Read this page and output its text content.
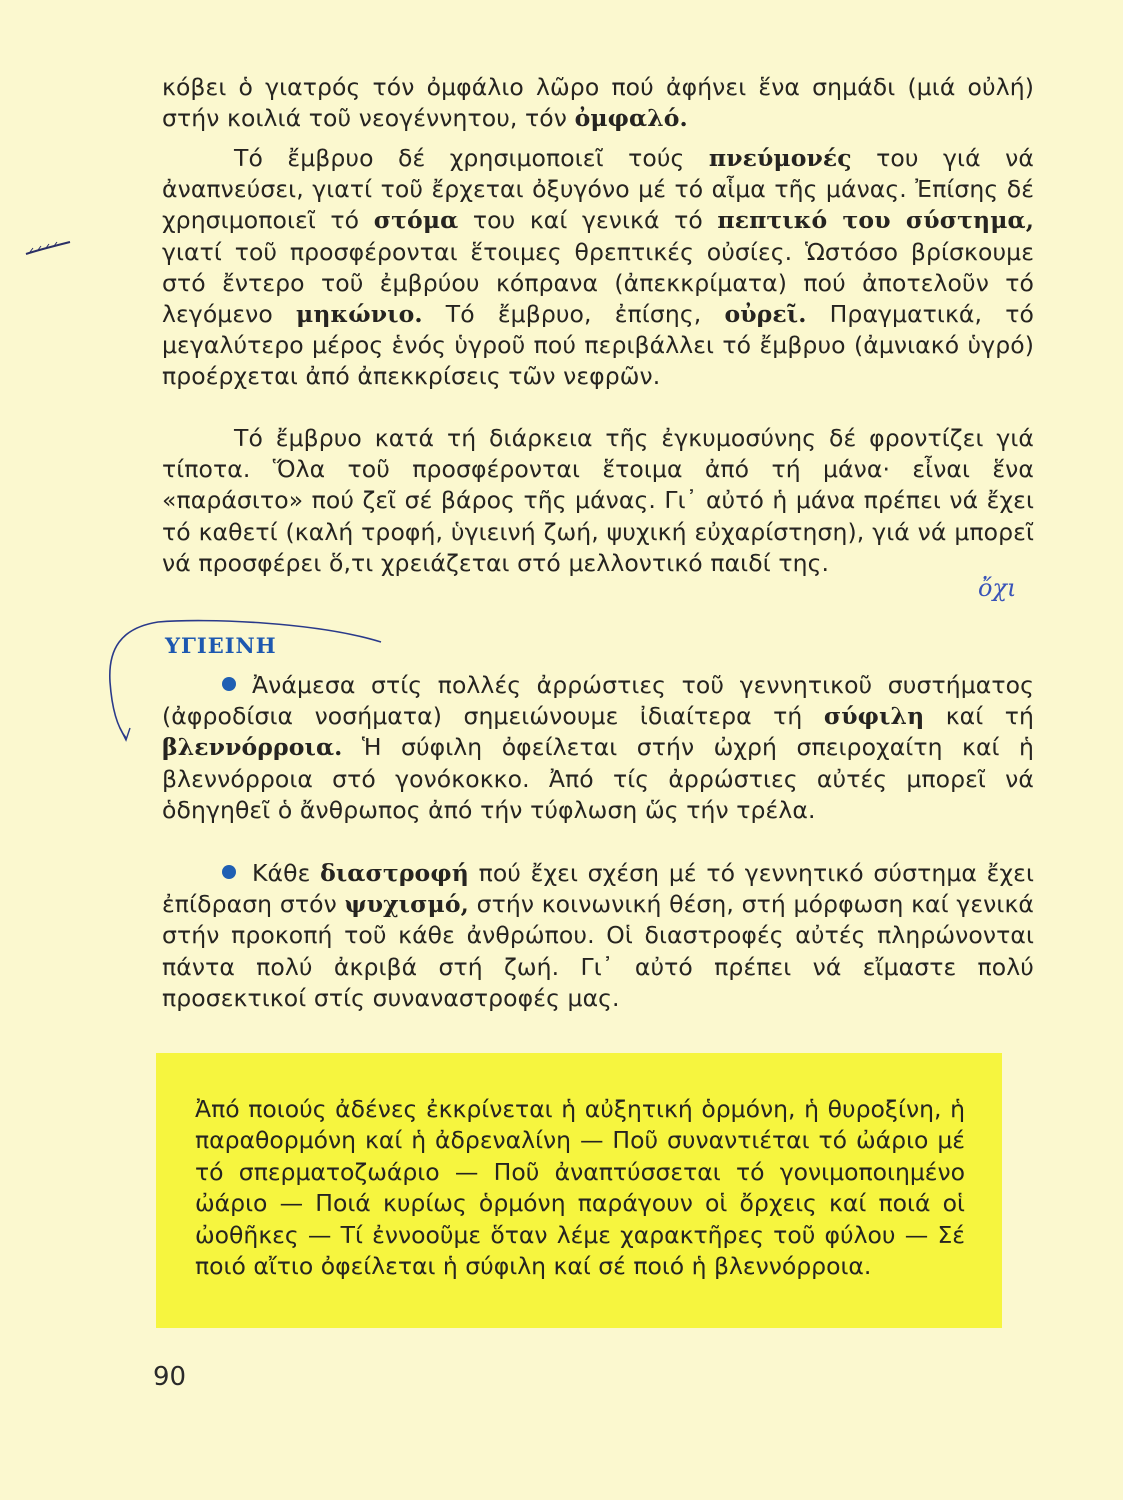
κόβει ὁ γιατρός τόν ὀμφάλιο λῶρο πού ἀφήνει ἕνα σημάδι (μιά οὐλή) στήν κοιλιά τοῦ νεογέννητου, τόν ὀμφαλό.

Τό ἔμβρυο δέ χρησιμοποιεῖ τούς πνεύμονές του γιά νά ἀναπνεύσει, γιατί τοῦ ἔρχεται ὀξυγόνο μέ τό αἷμα τῆς μάνας. Ἐπίσης δέ χρησιμοποιεῖ τό στόμα του καί γενικά τό πεπτικό του σύστημα, γιατί τοῦ προσφέρονται ἕτοιμες θρεπτικές οὐσίες. Ὡστόσο βρίσκουμε στό ἔντερο τοῦ ἐμβρύου κόπρανα (ἀπεκκρίματα) πού ἀποτελοῦν τό λεγόμενο μηκώνιο. Τό ἔμβρυο, ἐπίσης, οὐρεῖ. Πραγματικά, τό μεγαλύτερο μέρος ἑνός ὑγροῦ πού περιβάλλει τό ἔμβρυο (ἀμνιακό ὑγρό) προέρχεται ἀπό ἀπεκκρίσεις τῶν νεφρῶν.

Τό ἔμβρυο κατά τή διάρκεια τῆς ἐγκυμοσύνης δέ φροντίζει γιά τίποτα. Ὅλα τοῦ προσφέρονται ἕτοιμα ἀπό τή μάνα· εἶναι ἕνα «παράσιτο» πού ζεῖ σέ βάρος τῆς μάνας. Γι᾽ αὐτό ἡ μάνα πρέπει νά ἔχει τό καθετί (καλή τροφή, ὑγιεινή ζωή, ψυχική εὐχαρίστηση), γιά νά μπορεῖ νά προσφέρει ὅ,τι χρειάζεται στό μελλοντικό παιδί της.

ὄχι
ΥΓΙΕΙΝΗ

Ἀνάμεσα στίς πολλές ἀρρώστιες τοῦ γεννητικοῦ συστήματος (ἀφροδίσια νοσήματα) σημειώνουμε ἰδιαίτερα τή σύφιλη καί τή βλεννόρροια. Ἡ σύφιλη ὀφείλεται στήν ὠχρή σπειροχαίτη καί ἡ βλεννόρροια στό γονόκοκκο. Ἀπό τίς ἀρρώστιες αὐτές μπορεῖ νά ὁδηγηθεῖ ὁ ἄνθρωπος ἀπό τήν τύφλωση ὥς τήν τρέλα.

Κάθε διαστροφή πού ἔχει σχέση μέ τό γεννητικό σύστημα ἔχει ἐπίδραση στόν ψυχισμό, στήν κοινωνική θέση, στή μόρφωση καί γενικά στήν προκοπή τοῦ κάθε ἀνθρώπου. Οἱ διαστροφές αὐτές πληρώνονται πάντα πολύ ἀκριβά στή ζωή. Γι᾽ αὐτό πρέπει νά εἴμαστε πολύ προσεκτικοί στίς συναναστροφές μας.

Ἀπό ποιούς ἀδένες ἐκκρίνεται ἡ αὐξητική ὁρμόνη, ἡ θυροξίνη, ἡ παραθορμόνη καί ἡ ἀδρεναλίνη — Ποῦ συναντιέται τό ὠάριο μέ τό σπερματοζωάριο — Ποῦ ἀναπτύσσεται τό γονιμοποιημένο ὠάριο — Ποιά κυρίως ὁρμόνη παράγουν οἱ ὄρχεις καί ποιά οἱ ὠοθῆκες — Τί ἐννοοῦμε ὅταν λέμε χαρακτῆρες τοῦ φύλου — Σέ ποιό αἴτιο ὀφείλεται ἡ σύφιλη καί σέ ποιό ἡ βλεννόρροια.

90
